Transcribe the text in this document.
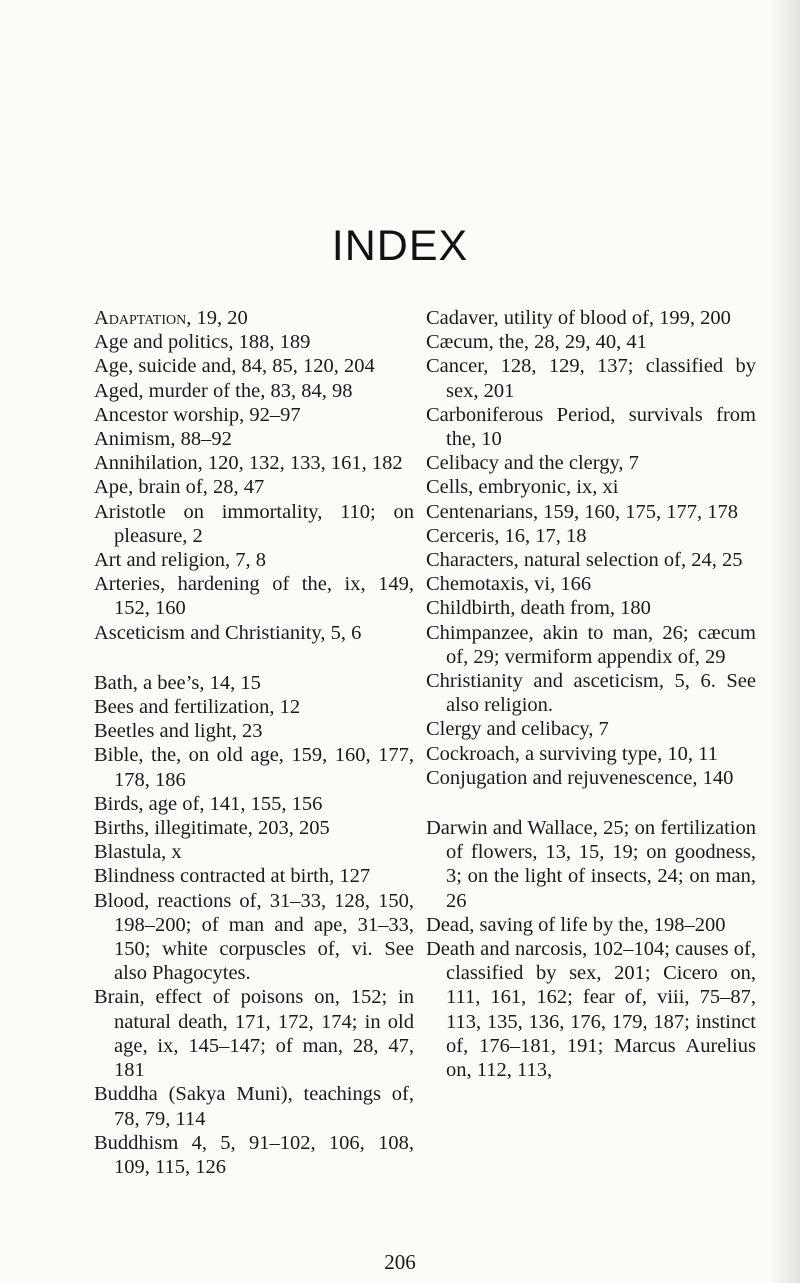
INDEX
Adaptation, 19, 20
Age and politics, 188, 189
Age, suicide and, 84, 85, 120, 204
Aged, murder of the, 83, 84, 98
Ancestor worship, 92–97
Animism, 88–92
Annihilation, 120, 132, 133, 161, 182
Ape, brain of, 28, 47
Aristotle on immortality, 110; on pleasure, 2
Art and religion, 7, 8
Arteries, hardening of the, ix, 149, 152, 160
Asceticism and Christianity, 5, 6
Bath, a bee’s, 14, 15
Bees and fertilization, 12
Beetles and light, 23
Bible, the, on old age, 159, 160, 177, 178, 186
Birds, age of, 141, 155, 156
Births, illegitimate, 203, 205
Blastula, x
Blindness contracted at birth, 127
Blood, reactions of, 31–33, 128, 150, 198–200; of man and ape, 31–33, 150; white corpuscles of, vi. See also Phagocytes.
Brain, effect of poisons on, 152; in natural death, 171, 172, 174; in old age, ix, 145–147; of man, 28, 47, 181
Buddha (Sakya Muni), teachings of, 78, 79, 114
Buddhism 4, 5, 91–102, 106, 108, 109, 115, 126
Cadaver, utility of blood of, 199, 200
Cæcum, the, 28, 29, 40, 41
Cancer, 128, 129, 137; classified by sex, 201
Carboniferous Period, survivals from the, 10
Celibacy and the clergy, 7
Cells, embryonic, ix, xi
Centenarians, 159, 160, 175, 177, 178
Cerceris, 16, 17, 18
Characters, natural selection of, 24, 25
Chemotaxis, vi, 166
Childbirth, death from, 180
Chimpanzee, akin to man, 26; cæcum of, 29; vermiform appendix of, 29
Christianity and asceticism, 5, 6. See also religion.
Clergy and celibacy, 7
Cockroach, a surviving type, 10, 11
Conjugation and rejuvenescence, 140
Darwin and Wallace, 25; on fertilization of flowers, 13, 15, 19; on goodness, 3; on the light of insects, 24; on man, 26
Dead, saving of life by the, 198–200
Death and narcosis, 102–104; causes of, classified by sex, 201; Cicero on, 111, 161, 162; fear of, viii, 75–87, 113, 135, 136, 176, 179, 187; instinct of, 176–181, 191; Marcus Aurelius on, 112, 113,
206
